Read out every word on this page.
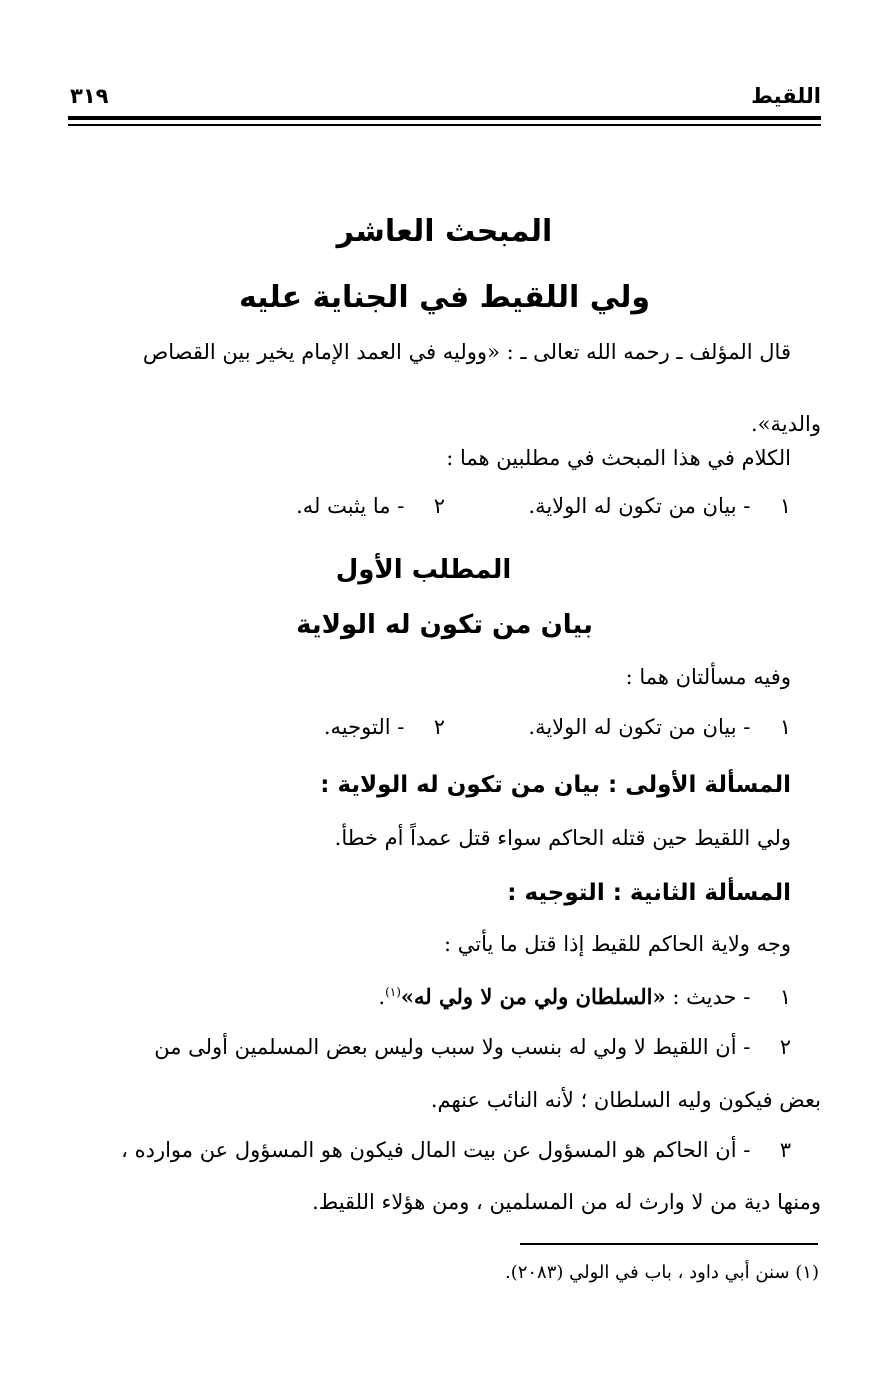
اللقيط
٣١٩
المبحث العاشر
ولي اللقيط في الجناية عليه
قال المؤلف ـ رحمه الله تعالى ـ : «ووليه في العمد الإمام يخير بين القصاص
والدية».
الكلام في هذا المبحث في مطلبين هما :
١ - بيان من تكون له الولاية.  ٢ - ما يثبت له.
المطلب الأول
بيان من تكون له الولاية
وفيه مسألتان هما :
١ - بيان من تكون له الولاية.  ٢ - التوجيه.
المسألة الأولى : بيان من تكون له الولاية :
ولي اللقيط حين قتله الحاكم سواء قتل عمداً أم خطأ.
المسألة الثانية : التوجيه :
وجه ولاية الحاكم للقيط إذا قتل ما يأتي :
١ - حديث : «السلطان ولي من لا ولي له»$^{(١)}$.
٢ - أن اللقيط لا ولي له بنسب ولا سبب وليس بعض المسلمين أولى من
بعض فيكون وليه السلطان ؛ لأنه النائب عنهم.
٣ - أن الحاكم هو المسؤول عن بيت المال فيكون هو المسؤول عن موارده ،
ومنها دية من لا وارث له من المسلمين ، ومن هؤلاء اللقيط.
(١) سنن أبي داود ، باب في الولي (٢٠٨٣).
